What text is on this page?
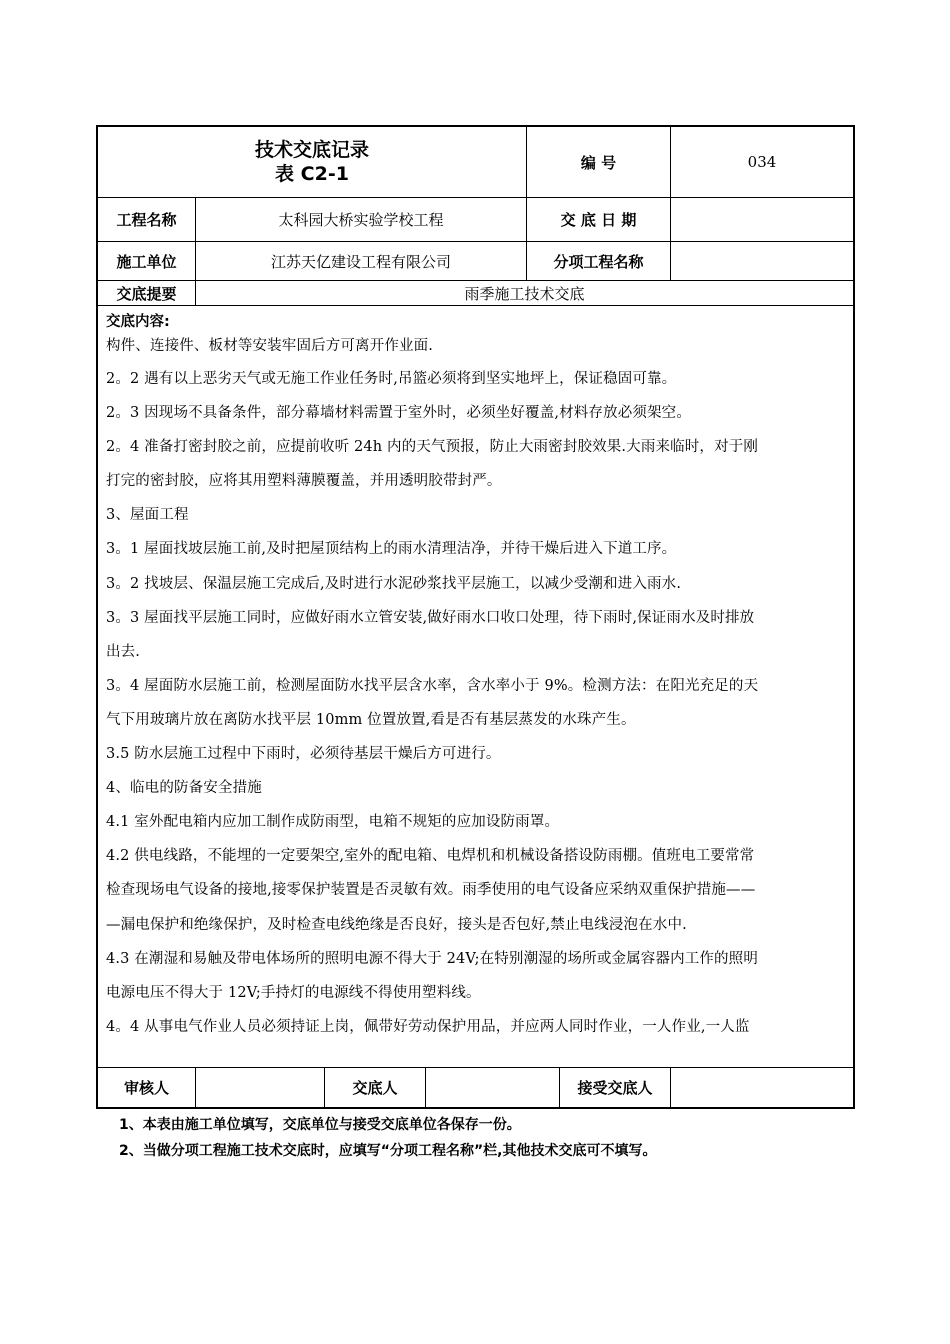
技术交底记录
表 C2-1
编 号	034
工程名称	太科园大桥实验学校工程	交 底 日 期
施工单位	江苏天亿建设工程有限公司	分项工程名称
交底提要	雨季施工技术交底
交底内容:

构件、连接件、板材等安装牢固后方可离开作业面.

2。2 遇有以上恶劣天气或无施工作业任务时,吊篮必须将到坚实地坪上，保证稳固可靠。

2。3 因现场不具备条件，部分幕墙材料需置于室外时，必须坐好覆盖,材料存放必须架空。

2。4 准备打密封胶之前，应提前收听 24h 内的天气预报，防止大雨密封胶效果.大雨来临时，对于刚

打完的密封胶，应将其用塑料薄膜覆盖，并用透明胶带封严。

3、屋面工程

3。1 屋面找坡层施工前,及时把屋顶结构上的雨水清理洁净，并待干燥后进入下道工序。

3。2 找坡层、保温层施工完成后,及时进行水泥砂浆找平层施工，以减少受潮和进入雨水.

3。3 屋面找平层施工同时，应做好雨水立管安装,做好雨水口收口处理，待下雨时,保证雨水及时排放

出去.

3。4 屋面防水层施工前，检测屋面防水找平层含水率，含水率小于 9%。检测方法：在阳光充足的天

气下用玻璃片放在离防水找平层 10mm 位置放置,看是否有基层蒸发的水珠产生。

3.5 防水层施工过程中下雨时，必须待基层干燥后方可进行。

4、临电的防备安全措施

4.1 室外配电箱内应加工制作成防雨型，电箱不规矩的应加设防雨罩。

4.2 供电线路，不能埋的一定要架空,室外的配电箱、电焊机和机械设备搭设防雨棚。值班电工要常常

检查现场电气设备的接地,接零保护装置是否灵敏有效。雨季使用的电气设备应采纳双重保护措施——

—漏电保护和绝缘保护，及时检查电线绝缘是否良好，接头是否包好,禁止电线浸泡在水中.

4.3 在潮湿和易触及带电体场所的照明电源不得大于 24V;在特别潮湿的场所或金属容器内工作的照明

电源电压不得大于 12V;手持灯的电源线不得使用塑料线。

4。4 从事电气作业人员必须持证上岗，佩带好劳动保护用品，并应两人同时作业，一人作业,一人监

审核人	交底人	接受交底人
1、本表由施工单位填写，交底单位与接受交底单位各保存一份。
2、当做分项工程施工技术交底时，应填写“分项工程名称”栏,其他技术交底可不填写。
